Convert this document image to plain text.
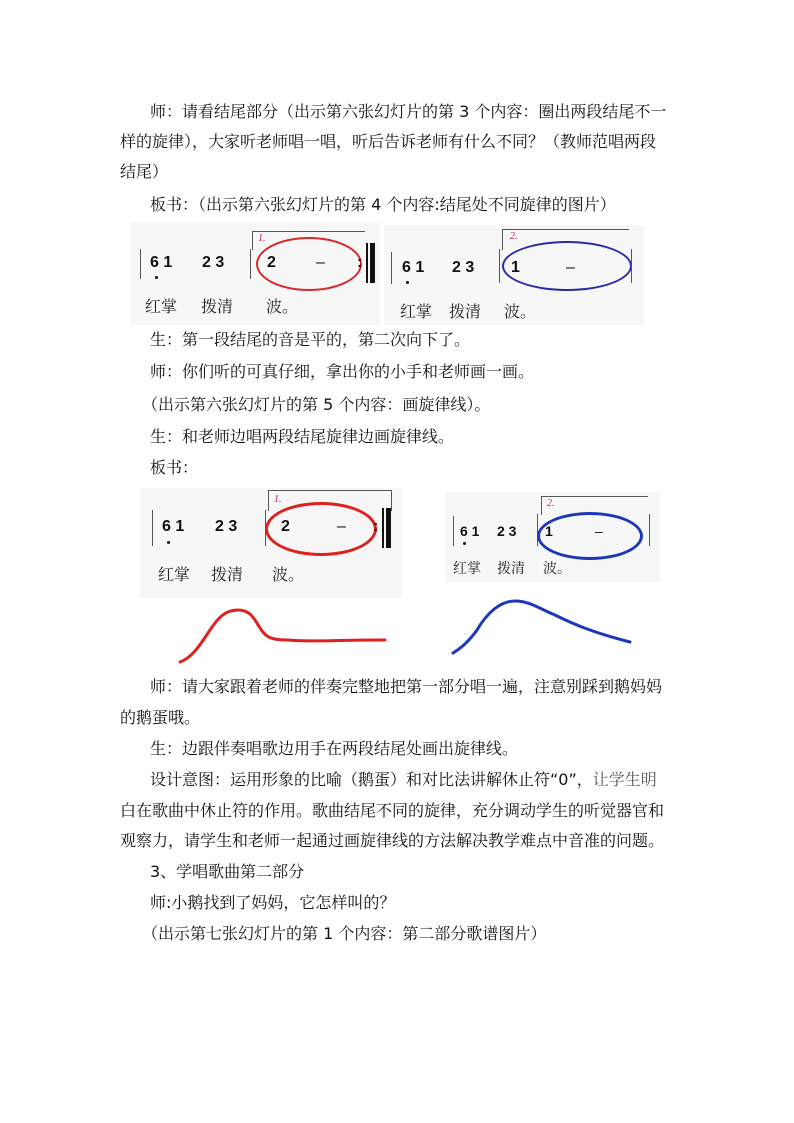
师：请看结尾部分（出示第六张幻灯片的第 3 个内容：圈出两段结尾不一
样的旋律），大家听老师唱一唱，听后告诉老师有什么不同？（教师范唱两段
结尾）
板书：（出示第六张幻灯片的第 4 个内容:结尾处不同旋律的图片）
6 1 2 3
1.
2	– :
红掌 拨清 波。
6 1 2 3
2.
1	–
红掌 拨清 波。
生：第一段结尾的音是平的，第二次向下了。
师：你们听的可真仔细，拿出你的小手和老师画一画。
（出示第六张幻灯片的第 5 个内容：画旋律线）。
生：和老师边唱两段结尾旋律边画旋律线。
板书：
6 1 2 3
1.
2	– :
红掌 拨清 波。
6 1 2 3
2.
1	–
红掌 拨清 波。
师：请大家跟着老师的伴奏完整地把第一部分唱一遍，注意别踩到鹅妈妈
的鹅蛋哦。
生：边跟伴奏唱歌边用手在两段结尾处画出旋律线。
设计意图：运用形象的比喻（鹅蛋）和对比法讲解休止符“0”，让学生明
白在歌曲中休止符的作用。歌曲结尾不同的旋律，充分调动学生的听觉器官和
观察力，请学生和老师一起通过画旋律线的方法解决教学难点中音准的问题。
3、学唱歌曲第二部分
师:小鹅找到了妈妈，它怎样叫的？
（出示第七张幻灯片的第 1 个内容：第二部分歌谱图片）
